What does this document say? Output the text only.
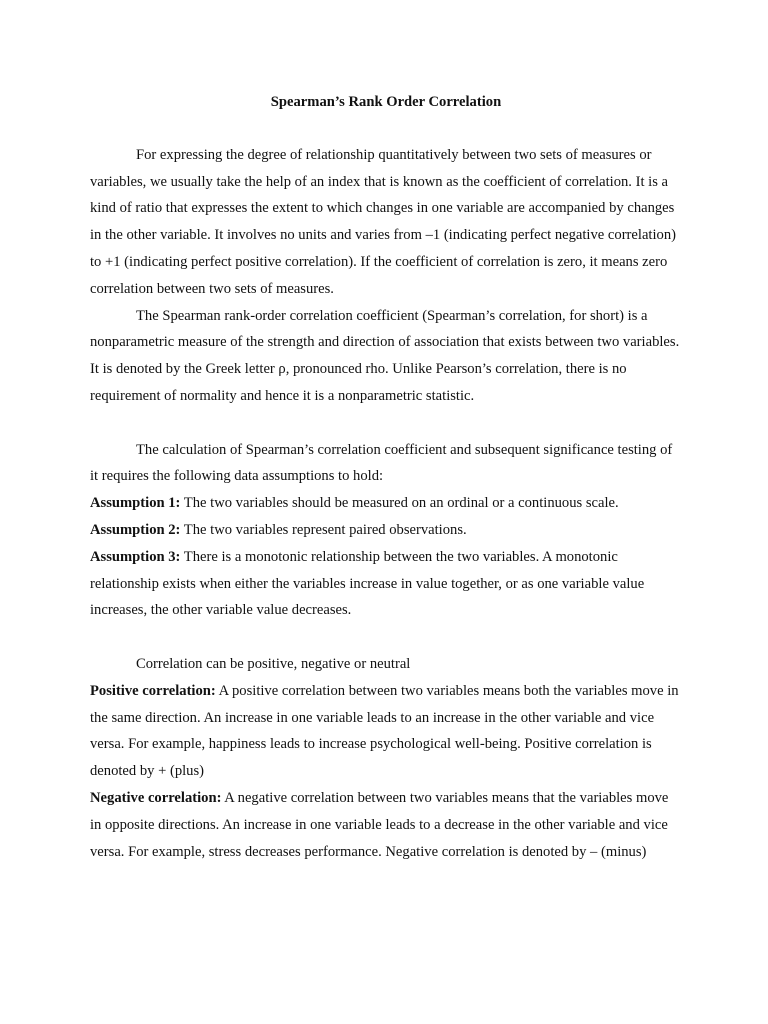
Spearman’s Rank Order Correlation

For expressing the degree of relationship quantitatively between two sets of measures or variables, we usually take the help of an index that is known as the coefficient of correlation. It is a kind of ratio that expresses the extent to which changes in one variable are accompanied by changes in the other variable. It involves no units and varies from –1 (indicating perfect negative correlation) to +1 (indicating perfect positive correlation). If the coefficient of correlation is zero, it means zero correlation between two sets of measures.

The Spearman rank-order correlation coefficient (Spearman’s correlation, for short) is a nonparametric measure of the strength and direction of association that exists between two variables. It is denoted by the Greek letter ρ, pronounced rho. Unlike Pearson’s correlation, there is no requirement of normality and hence it is a nonparametric statistic.

The calculation of Spearman’s correlation coefficient and subsequent significance testing of it requires the following data assumptions to hold:

Assumption 1: The two variables should be measured on an ordinal or a continuous scale.

Assumption 2: The two variables represent paired observations.

Assumption 3: There is a monotonic relationship between the two variables. A monotonic relationship exists when either the variables increase in value together, or as one variable value increases, the other variable value decreases.

Correlation can be positive, negative or neutral

Positive correlation: A positive correlation between two variables means both the variables move in the same direction. An increase in one variable leads to an increase in the other variable and vice versa. For example, happiness leads to increase psychological well-being. Positive correlation is denoted by + (plus)

Negative correlation: A negative correlation between two variables means that the variables move in opposite directions. An increase in one variable leads to a decrease in the other variable and vice versa. For example, stress decreases performance. Negative correlation is denoted by – (minus)
